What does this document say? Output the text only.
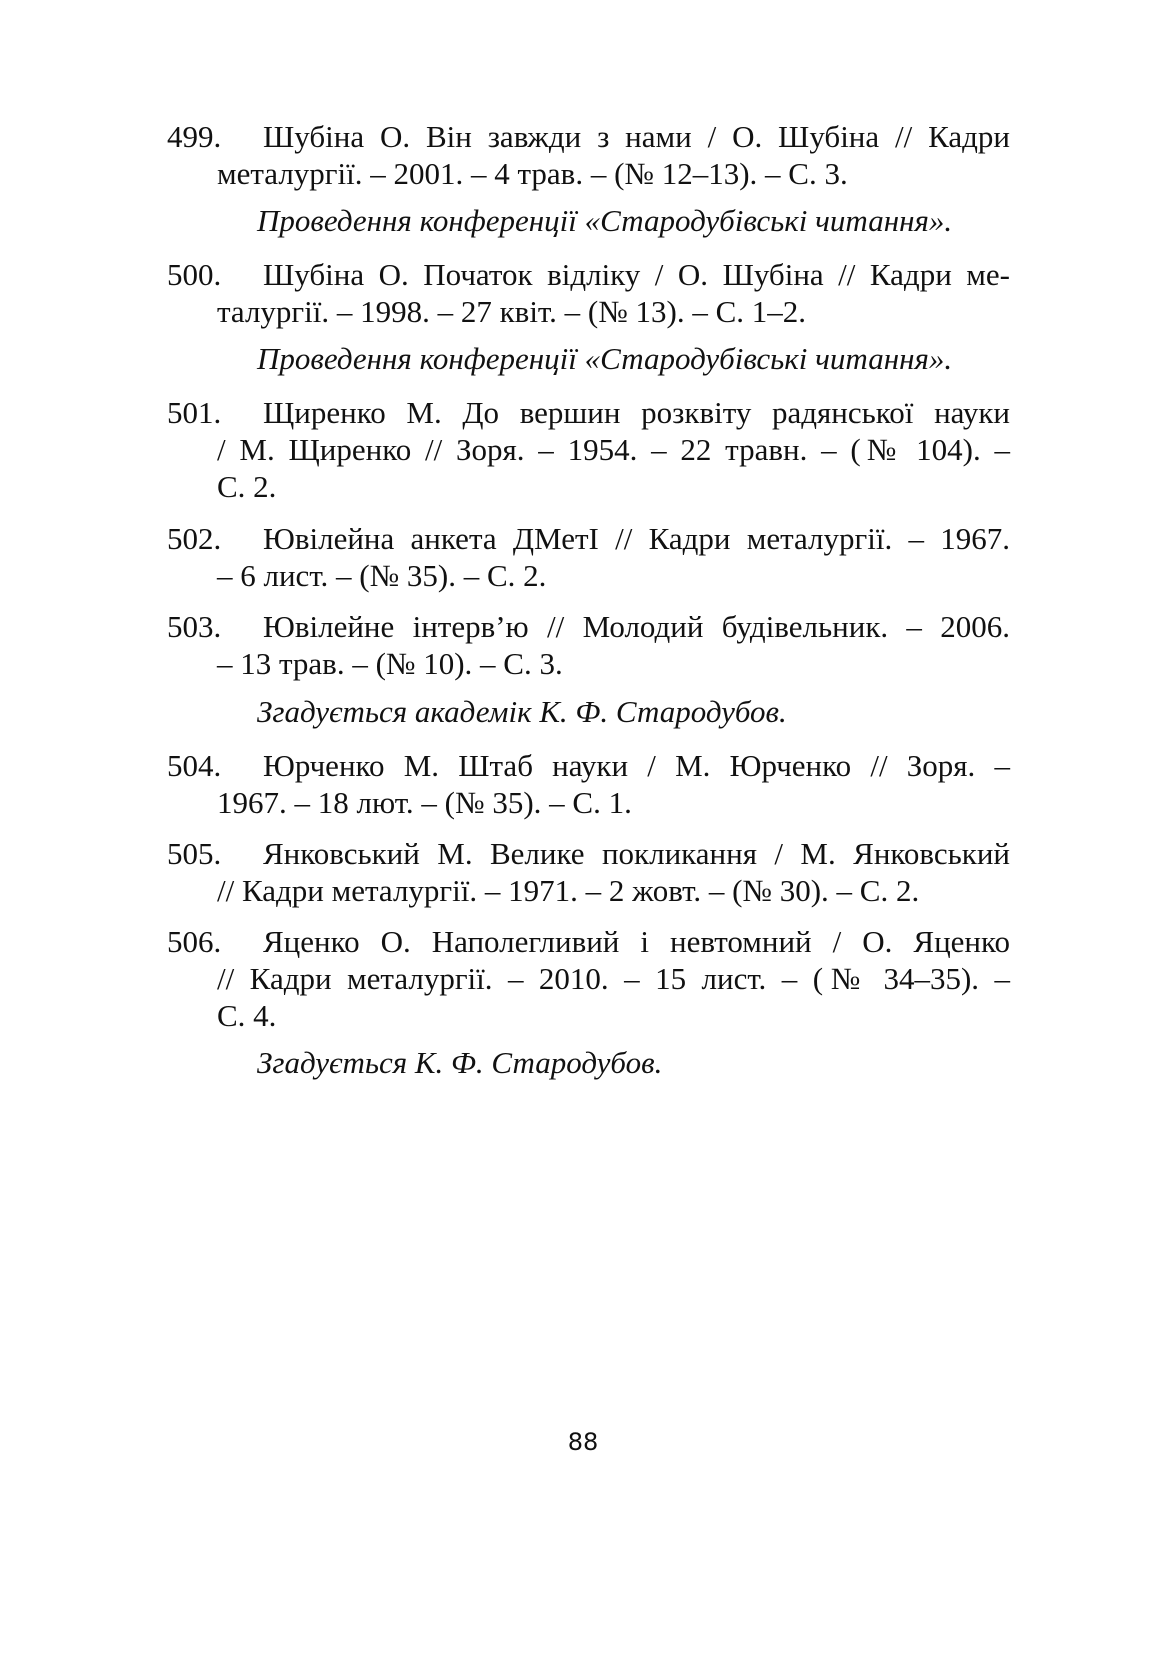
499.	Шубіна О. Він завжди з нами / О. Шубіна // Кадри
металургії. – 2001. – 4 трав. – (№ 12–13). – С. 3.
Проведення конференції «Стародубівські читання».
500.	Шубіна О. Початок відліку / О. Шубіна // Кадри ме-
талургії. – 1998. – 27 квіт. – (№ 13). – С. 1–2.
Проведення конференції «Стародубівські читання».
501.	Щиренко М. До вершин розквіту радянської науки
/ М. Щиренко // Зоря. – 1954. – 22 травн. – (№ 104). –
С. 2.
502.	Ювілейна анкета ДМетІ // Кадри металургії. – 1967.
– 6 лист. – (№ 35). – С. 2.
503.	Ювілейне інтерв’ю // Молодий будівельник. – 2006.
– 13 трав. – (№ 10). – С. 3.
Згадується академік К. Ф. Стародубов.
504.	Юрченко М. Штаб науки / М. Юрченко // Зоря. –
1967. – 18 лют. – (№ 35). – С. 1.
505.	Янковський М. Велике покликання / М. Янковський
// Кадри металургії. – 1971. – 2 жовт. – (№ 30). – С. 2.
506.	Яценко О. Наполегливий і невтомний / О. Яценко
// Кадри металургії. – 2010. – 15 лист. – (№ 34–35). –
С. 4.
Згадується К. Ф. Стародубов.
88
